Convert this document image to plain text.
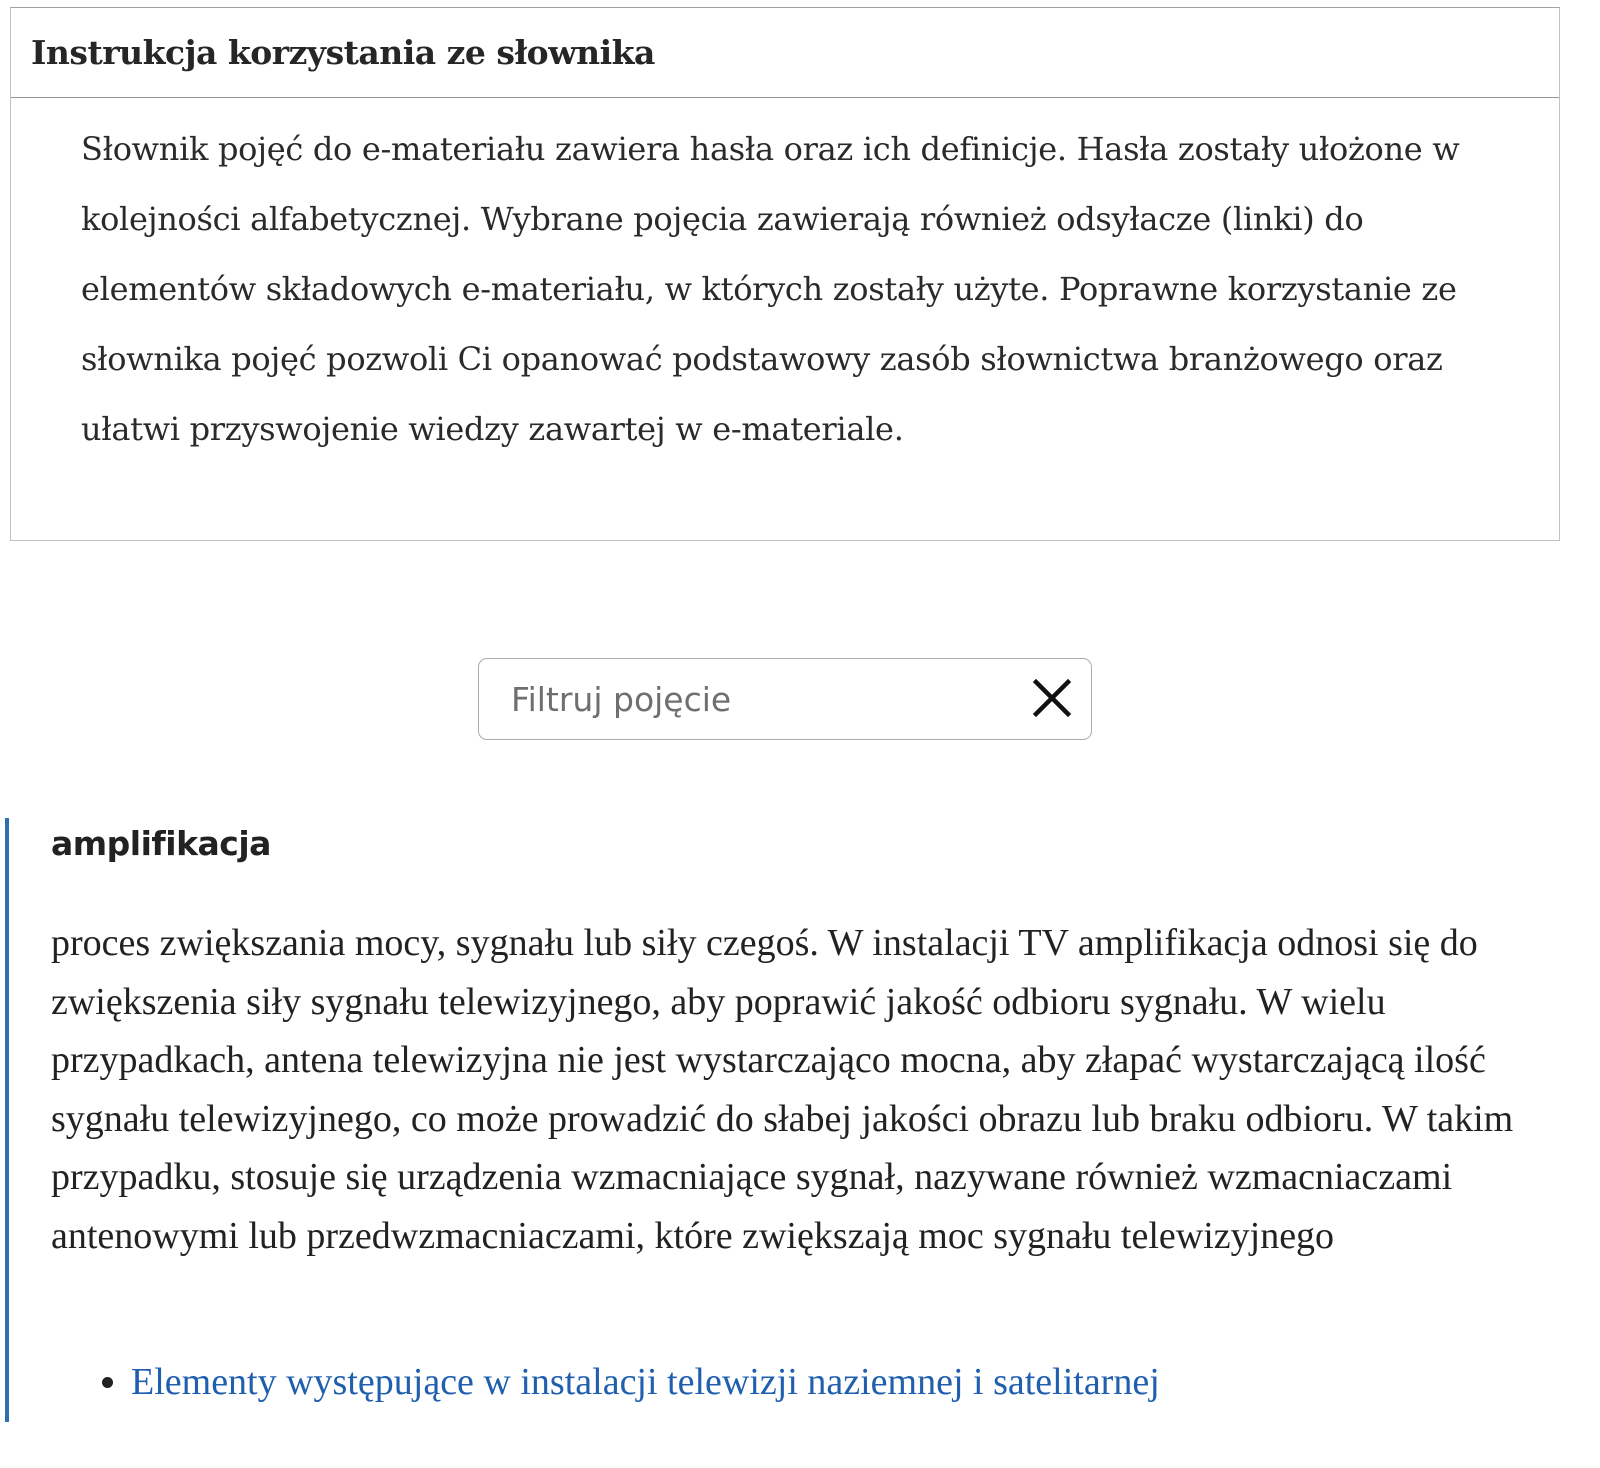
Instrukcja korzystania ze słownika
Słownik pojęć do e-materiału zawiera hasła oraz ich definicje. Hasła zostały ułożone w kolejności alfabetycznej. Wybrane pojęcia zawierają również odsyłacze (linki) do elementów składowych e-materiału, w których zostały użyte. Poprawne korzystanie ze słownika pojęć pozwoli Ci opanować podstawowy zasób słownictwa branżowego oraz ułatwi przyswojenie wiedzy zawartej w e-materiale.
Filtruj pojęcie
amplifikacja
proces zwiększania mocy, sygnału lub siły czegoś. W instalacji TV amplifikacja odnosi się do zwiększenia siły sygnału telewizyjnego, aby poprawić jakość odbioru sygnału. W wielu przypadkach, antena telewizyjna nie jest wystarczająco mocna, aby złapać wystarczającą ilość sygnału telewizyjnego, co może prowadzić do słabej jakości obrazu lub braku odbioru. W takim przypadku, stosuje się urządzenia wzmacniające sygnał, nazywane również wzmacniaczami antenowymi lub przedwzmacniaczami, które zwiększają moc sygnału telewizyjnego
• Elementy występujące w instalacji telewizji naziemnej i satelitarnej
